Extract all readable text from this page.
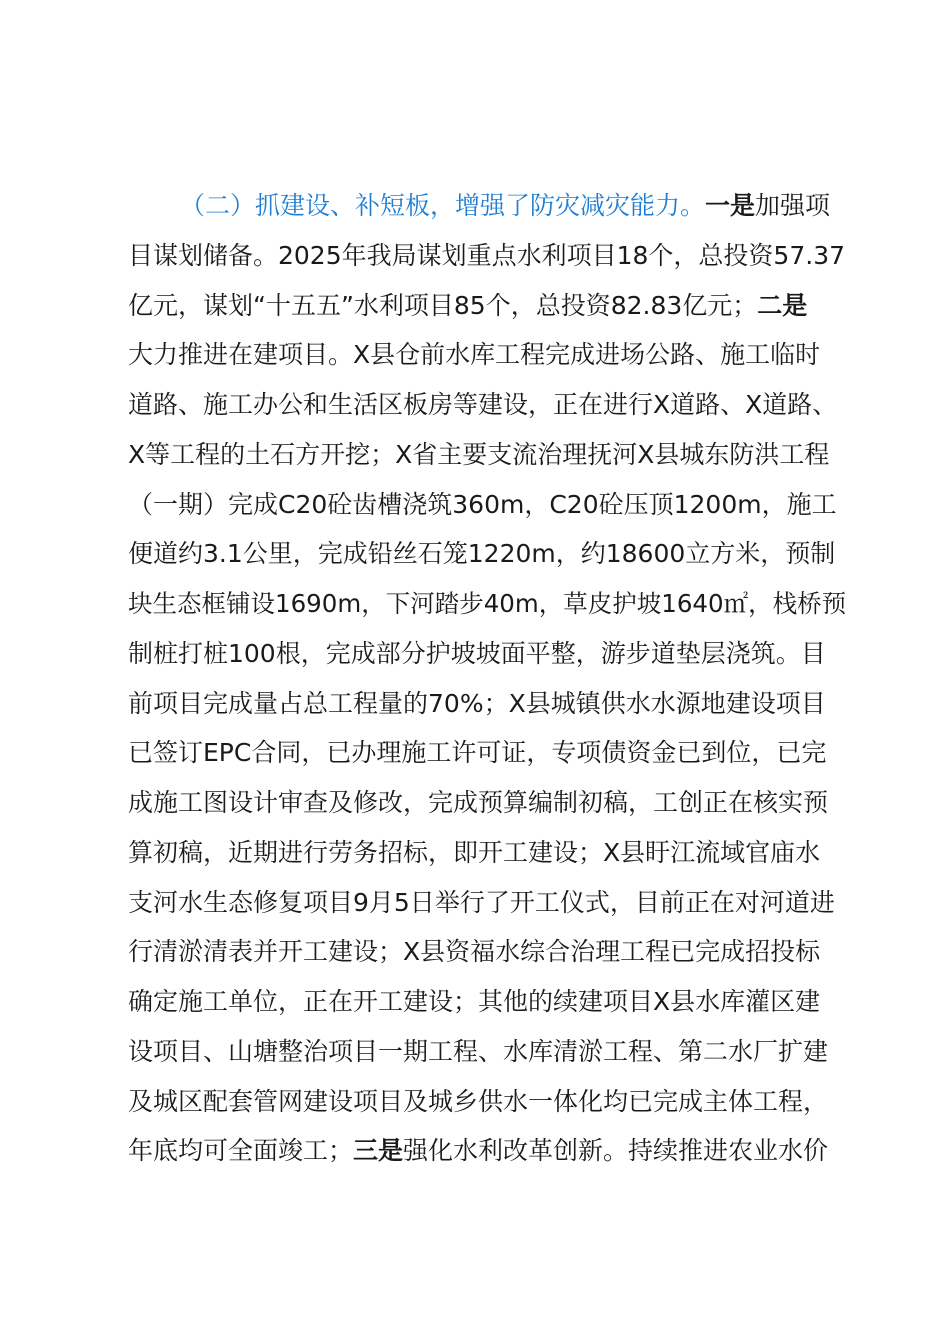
（二）抓建设、补短板，增强了防灾减灾能力。一是加强项
目谋划储备。2025年我局谋划重点水利项目18个，总投资57.37
亿元，谋划“十五五”水利项目85个，总投资82.83亿元；二是
大力推进在建项目。X县仓前水库工程完成进场公路、施工临时
道路、施工办公和生活区板房等建设，正在进行X道路、X道路、
X等工程的土石方开挖；X省主要支流治理抚河X县城东防洪工程
（一期）完成C20砼齿槽浇筑360m，C20砼压顶1200m，施工
便道约3.1公里，完成铅丝石笼1220m，约18600立方米，预制
块生态框铺设1690m，下河踏步40m，草皮护坡1640㎡，栈桥预
制桩打桩100根，完成部分护坡坡面平整，游步道垫层浇筑。目
前项目完成量占总工程量的70%；X县城镇供水水源地建设项目
已签订EPC合同，已办理施工许可证，专项债资金已到位，已完
成施工图设计审查及修改，完成预算编制初稿，工创正在核实预
算初稿，近期进行劳务招标，即开工建设；X县盱江流域官庙水
支河水生态修复项目9月5日举行了开工仪式，目前正在对河道进
行清淤清表并开工建设；X县资福水综合治理工程已完成招投标
确定施工单位，正在开工建设；其他的续建项目X县水库灌区建
设项目、山塘整治项目一期工程、水库清淤工程、第二水厂扩建
及城区配套管网建设项目及城乡供水一体化均已完成主体工程，
年底均可全面竣工；三是强化水利改革创新。持续推进农业水价
